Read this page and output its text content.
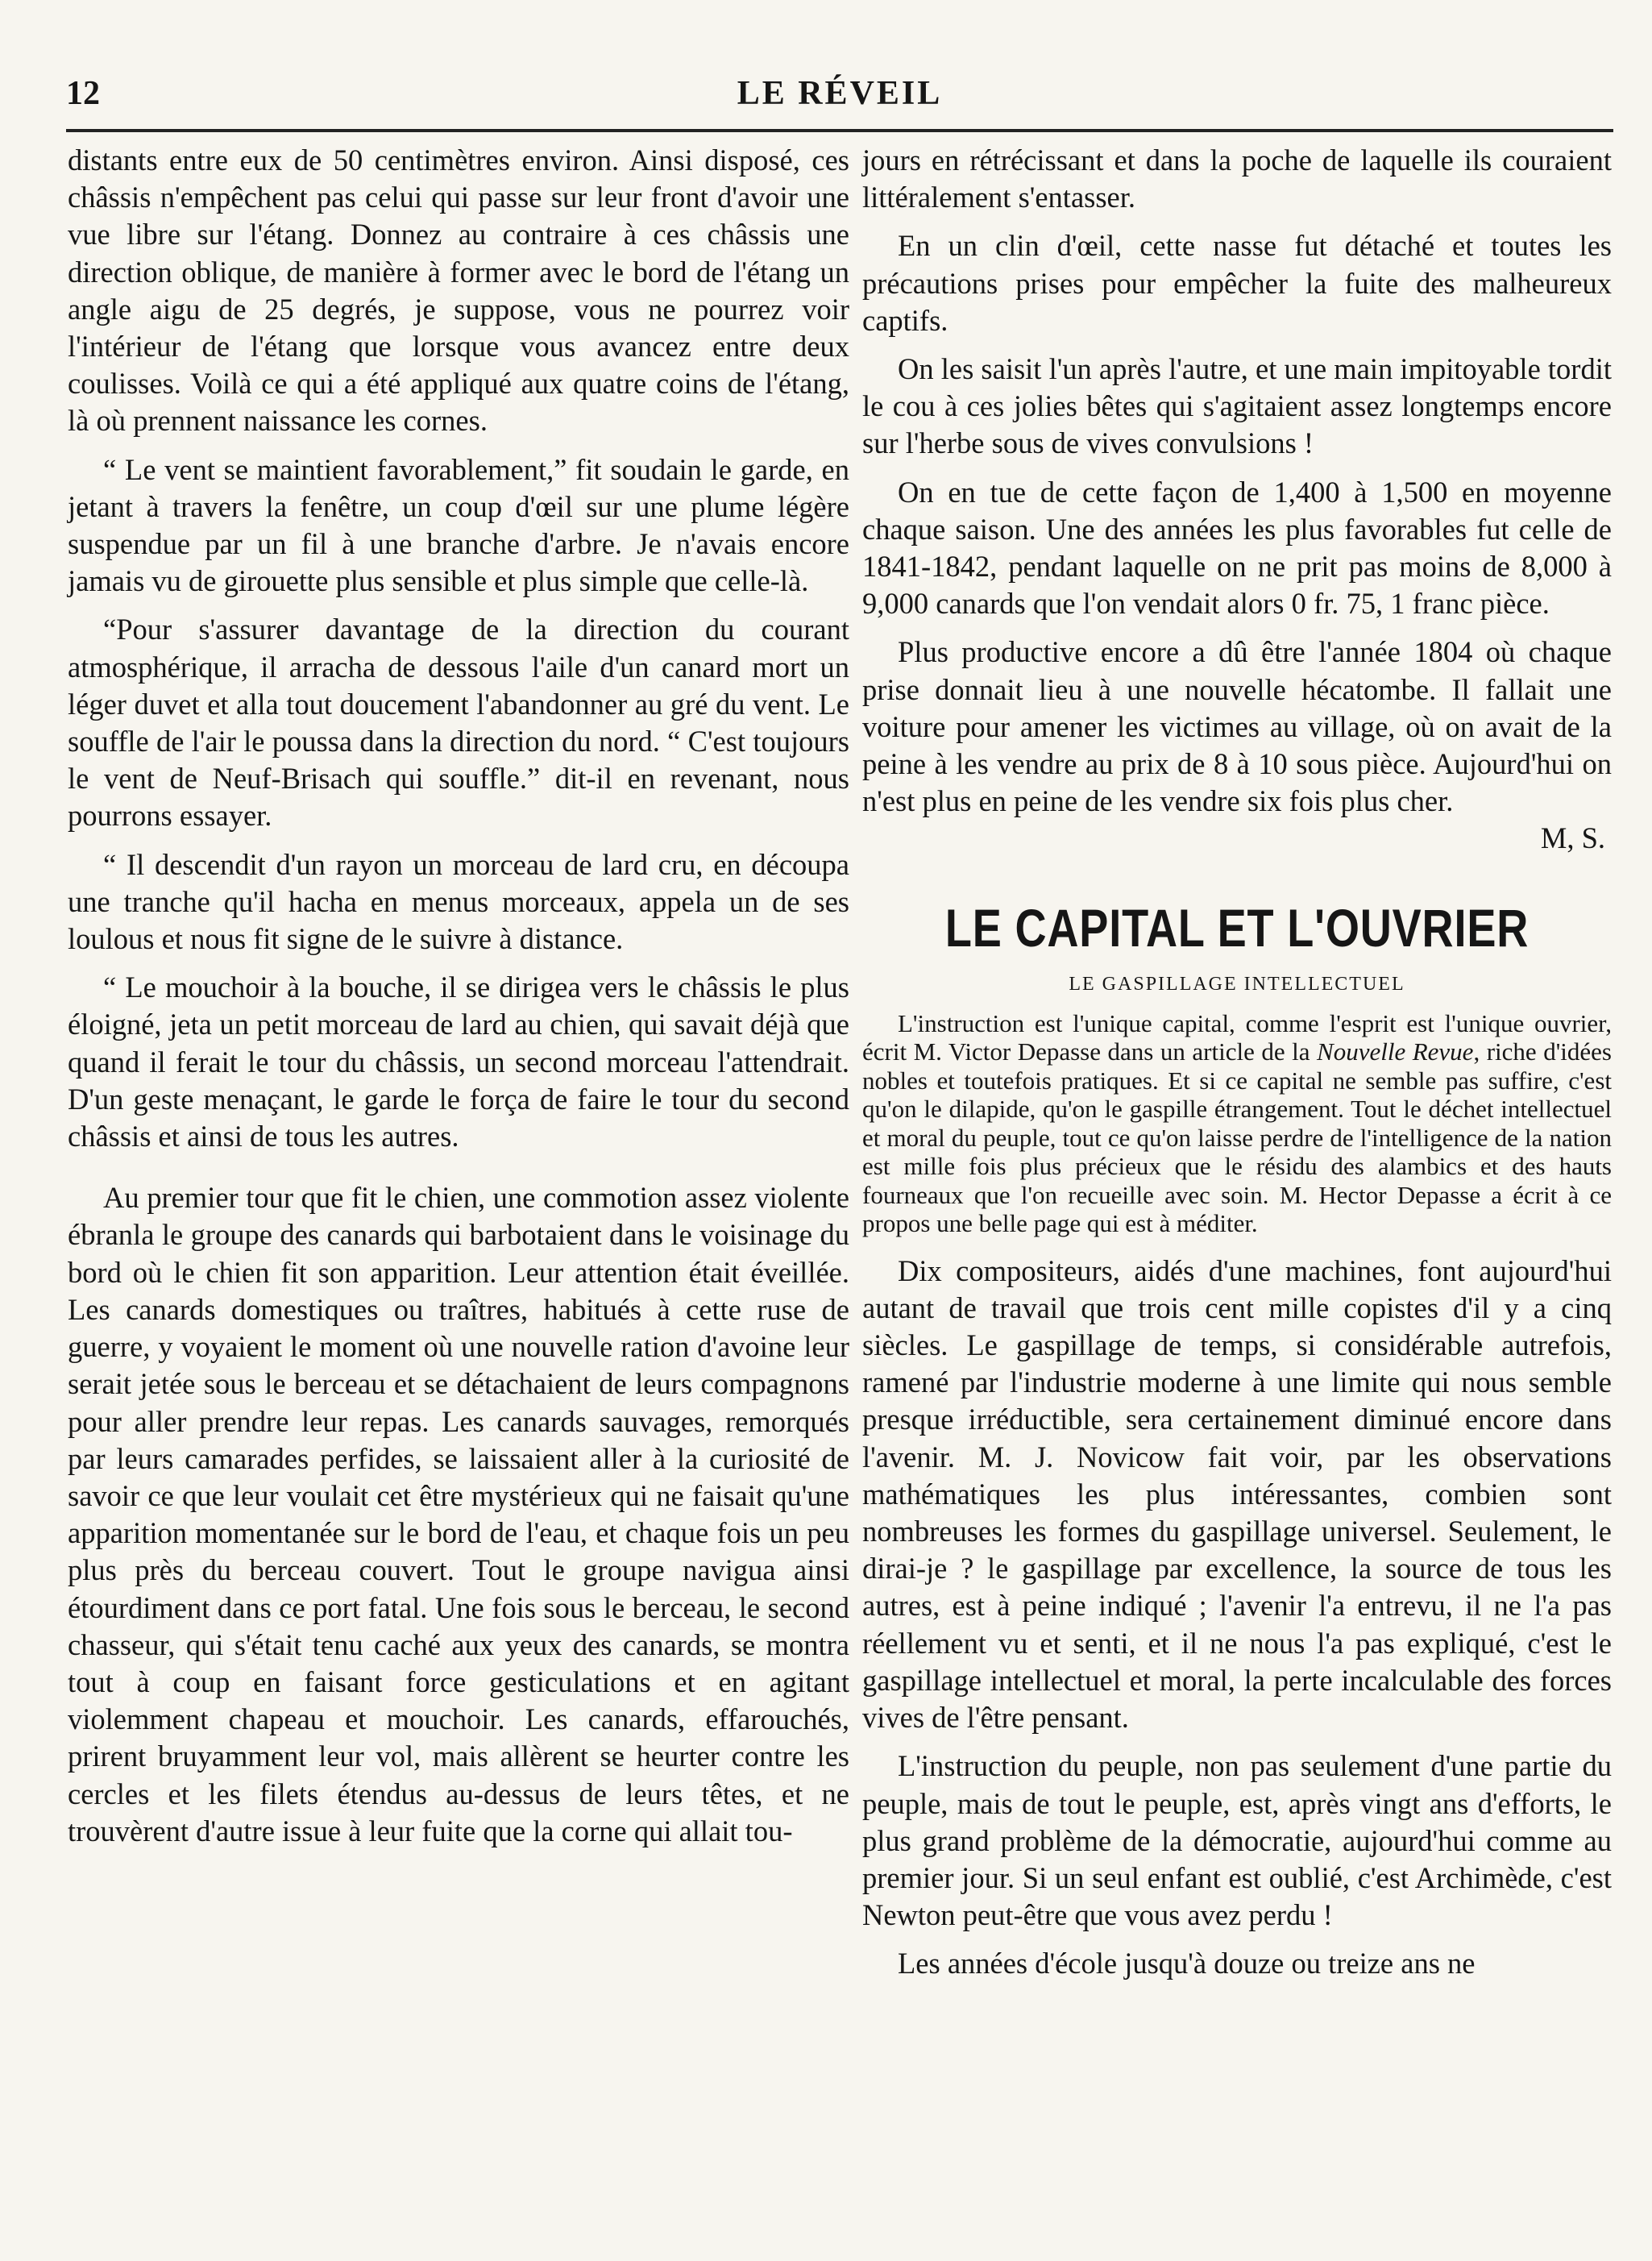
12	LE RÉVEIL

distants entre eux de 50 centimètres environ. Ainsi disposé, ces châssis n'empêchent pas celui qui passe sur leur front d'avoir une vue libre sur l'étang. Donnez au contraire à ces châssis une direction oblique, de manière à former avec le bord de l'étang un angle aigu de 25 degrés, je suppose, vous ne pourrez voir l'intérieur de l'étang que lorsque vous avancez entre deux coulisses. Voilà ce qui a été appliqué aux quatre coins de l'étang, là où prennent naissance les cornes.

“ Le vent se maintient favorablement,” fit soudain le garde, en jetant à travers la fenêtre, un coup d'œil sur une plume légère suspendue par un fil à une branche d'arbre. Je n'avais encore jamais vu de girouette plus sensible et plus simple que celle-là.

“Pour s'assurer davantage de la direction du courant atmosphérique, il arracha de dessous l'aile d'un canard mort un léger duvet et alla tout doucement l'abandonner au gré du vent. Le souffle de l'air le poussa dans la direction du nord. “ C'est toujours le vent de Neuf-Brisach qui souffle.” dit-il en revenant, nous pourrons essayer.

“ Il descendit d'un rayon un morceau de lard cru, en découpa une tranche qu'il hacha en menus morceaux, appela un de ses loulous et nous fit signe de le suivre à distance.

“ Le mouchoir à la bouche, il se dirigea vers le châssis le plus éloigné, jeta un petit morceau de lard au chien, qui savait déjà que quand il ferait le tour du châssis, un second morceau l'attendrait. D'un geste menaçant, le garde le força de faire le tour du second châssis et ainsi de tous les autres.

Au premier tour que fit le chien, une commotion assez violente ébranla le groupe des canards qui barbotaient dans le voisinage du bord où le chien fit son apparition. Leur attention était éveillée. Les canards domestiques ou traîtres, habitués à cette ruse de guerre, y voyaient le moment où une nouvelle ration d'avoine leur serait jetée sous le berceau et se détachaient de leurs compagnons pour aller prendre leur repas. Les canards sauvages, remorqués par leurs camarades perfides, se laissaient aller à la curiosité de savoir ce que leur voulait cet être mystérieux qui ne faisait qu'une apparition momentanée sur le bord de l'eau, et chaque fois un peu plus près du berceau couvert. Tout le groupe navigua ainsi étourdiment dans ce port fatal. Une fois sous le berceau, le second chasseur, qui s'était tenu caché aux yeux des canards, se montra tout à coup en faisant force gesticulations et en agitant violemment chapeau et mouchoir. Les canards, effarouchés, prirent bruyamment leur vol, mais allèrent se heurter contre les cercles et les filets étendus au-dessus de leurs têtes, et ne trouvèrent d'autre issue à leur fuite que la corne qui allait tou-

jours en rétrécissant et dans la poche de laquelle ils couraient littéralement s'entasser.

En un clin d'œil, cette nasse fut détaché et toutes les précautions prises pour empêcher la fuite des malheureux captifs.

On les saisit l'un après l'autre, et une main impitoyable tordit le cou à ces jolies bêtes qui s'agitaient assez longtemps encore sur l'herbe sous de vives convulsions !

On en tue de cette façon de 1,400 à 1,500 en moyenne chaque saison. Une des années les plus favorables fut celle de 1841-1842, pendant laquelle on ne prit pas moins de 8,000 à 9,000 canards que l'on vendait alors 0 fr. 75, 1 franc pièce.

Plus productive encore a dû être l'année 1804 où chaque prise donnait lieu à une nouvelle hécatombe. Il fallait une voiture pour amener les victimes au village, où on avait de la peine à les vendre au prix de 8 à 10 sous pièce. Aujourd'hui on n'est plus en peine de les vendre six fois plus cher.

M, S.
LE CAPITAL ET L'OUVRIER
LE GASPILLAGE INTELLECTUEL

L'instruction est l'unique capital, comme l'esprit est l'unique ouvrier, écrit M. Victor Depasse dans un article de la Nouvelle Revue, riche d'idées nobles et toutefois pratiques. Et si ce capital ne semble pas suffire, c'est qu'on le dilapide, qu'on le gaspille étrangement. Tout le déchet intellectuel et moral du peuple, tout ce qu'on laisse perdre de l'intelligence de la nation est mille fois plus précieux que le résidu des alambics et des hauts fourneaux que l'on recueille avec soin. M. Hector Depasse a écrit à ce propos une belle page qui est à méditer.

Dix compositeurs, aidés d'une machines, font aujourd'hui autant de travail que trois cent mille copistes d'il y a cinq siècles. Le gaspillage de temps, si considérable autrefois, ramené par l'industrie moderne à une limite qui nous semble presque irréductible, sera certainement diminué encore dans l'avenir. M. J. Novicow fait voir, par les observations mathématiques les plus intéressantes, combien sont nombreuses les formes du gaspillage universel. Seulement, le dirai-je ? le gaspillage par excellence, la source de tous les autres, est à peine indiqué ; l'avenir l'a entrevu, il ne l'a pas réellement vu et senti, et il ne nous l'a pas expliqué, c'est le gaspillage intellectuel et moral, la perte incalculable des forces vives de l'être pensant.

L'instruction du peuple, non pas seulement d'une partie du peuple, mais de tout le peuple, est, après vingt ans d'efforts, le plus grand problème de la démocratie, aujourd'hui comme au premier jour. Si un seul enfant est oublié, c'est Archimède, c'est Newton peut-être que vous avez perdu !

Les années d'école jusqu'à douze ou treize ans ne
